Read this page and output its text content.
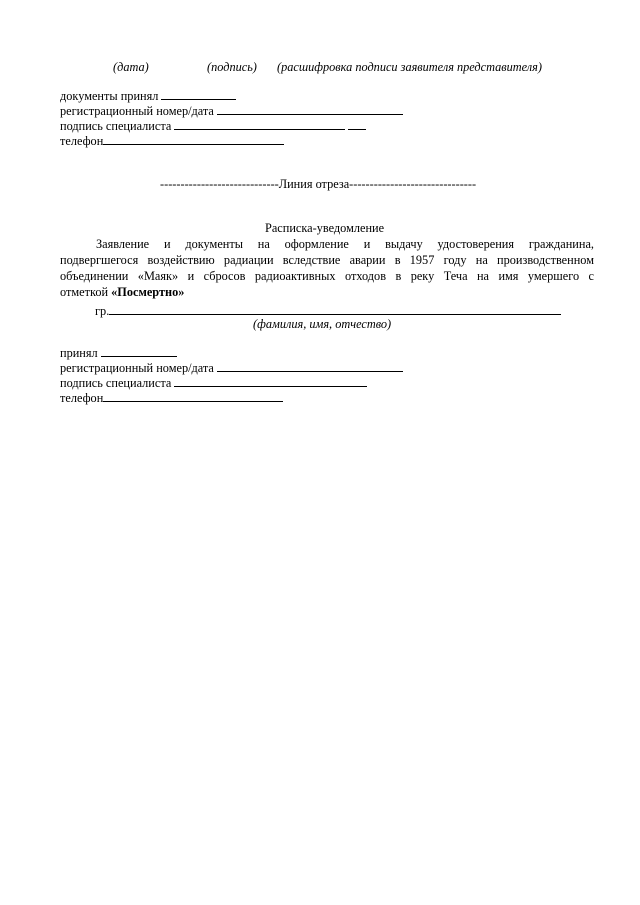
(дата)	(подпись) (расшифровка подписи заявителя представителя)
документы принял
регистрационный номер/дата
подпись специалиста
телефон
-----------------------------Линия отреза-------------------------------
Расписка-уведомление
Заявление и документы на оформление и выдачу удостоверения гражданина,
подвергшегося воздействию радиации вследствие аварии в 1957 году на производственном
объединении «Маяк» и сбросов радиоактивных отходов в реку Теча на имя умершего с
отметкой «Посмертно»
гр.
(фамилия, имя, отчество)
принял
регистрационный номер/дата
подпись специалиста
телефон
